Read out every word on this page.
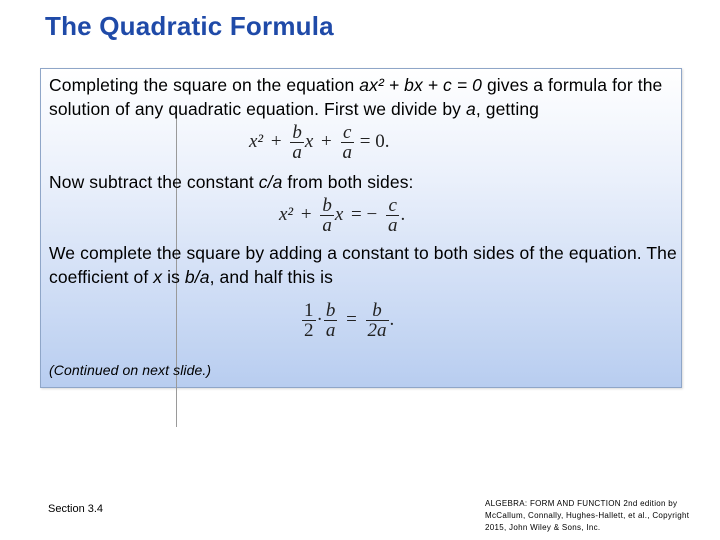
The Quadratic Formula
Completing the square on the equation ax² + bx + c = 0 gives a formula for the solution of any quadratic equation. First we divide by a, getting
$x^2 + \frac{b}{a}$ $x + \frac{c}{a} = 0$.
Now subtract the constant c/a from both sides:
$x^2 + \frac{b}{a}$ x = − $\frac{c}{a}$ .
We complete the square by adding a constant to both sides of the equation. The coefficient of x is b/a, and half this is
$\frac{1}{2} \cdot \frac{b}{a} = \frac{b}{2a}$ .
(Continued on next slide.)
Section 3.4	ALGEBRA: FORM AND FUNCTION 2nd edition by McCallum, Connally, Hughes-Hallett, et al., Copyright 2015, John Wiley & Sons, Inc.
